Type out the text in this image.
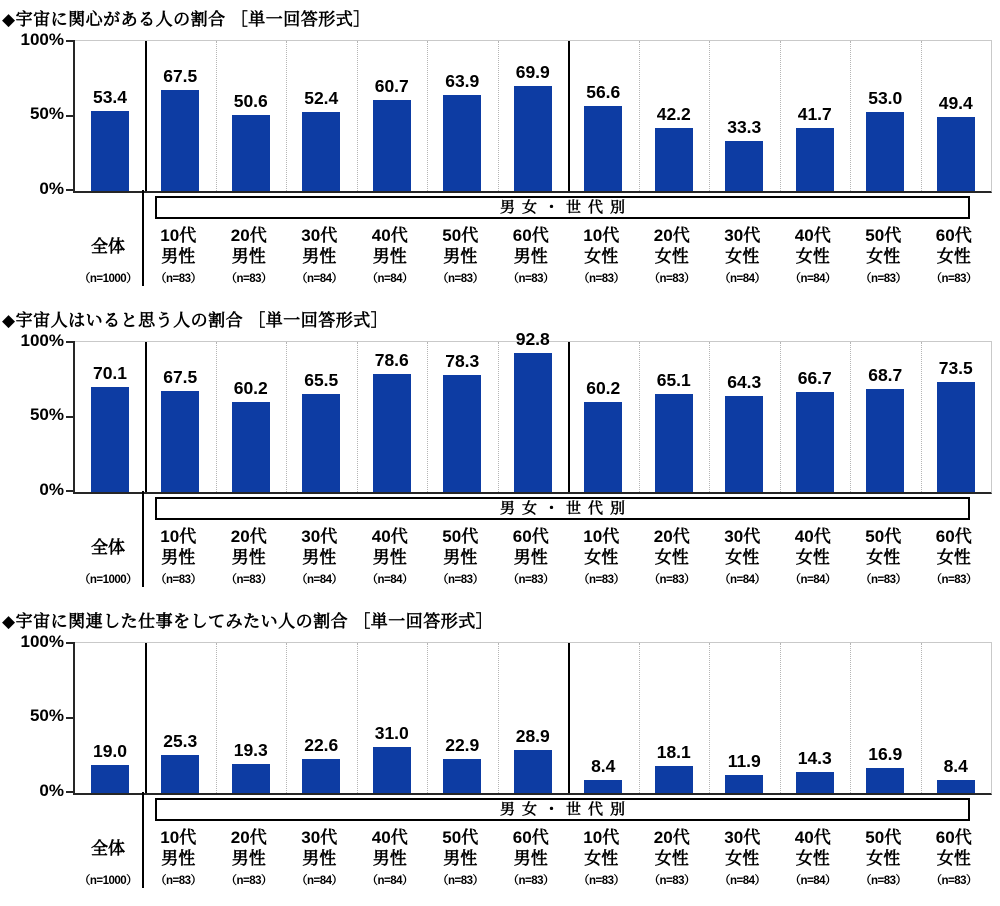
◆宇宙に関心がある人の割合 ［単一回答形式］
100%
50%
0%
53.4
67.5
50.6	52.4
60.7	63.9	69.9
56.6
42.2
33.3
41.7
53.0	49.4
男女・世代別
全体
（n=1000）
10代
男性
（n=83）
20代
男性
（n=83）
30代
男性
（n=84）
40代
男性
（n=84）
50代
男性
（n=83）
60代
男性
（n=83）
10代
女性
（n=83）
20代
女性
（n=83）
30代
女性
（n=84）
40代
女性
（n=84）
50代
女性
（n=83）
60代
女性
（n=83）
◆宇宙人はいると思う人の割合 ［単一回答形式］
100%
50%
0%
70.1	67.5
60.2	65.5
78.6	78.3
92.8
60.2	65.1	64.3	66.7	68.7	73.5
男女・世代別
全体
（n=1000）
10代
男性
（n=83）
20代
男性
（n=83）
30代
男性
（n=84）
40代
男性
（n=84）
50代
男性
（n=83）
60代
男性
（n=83）
10代
女性
（n=83）
20代
女性
（n=83）
30代
女性
（n=84）
40代
女性
（n=84）
50代
女性
（n=83）
60代
女性
（n=83）
◆宇宙に関連した仕事をしてみたい人の割合 ［単一回答形式］
100%
50%
0%
19.0	25.3	19.3	22.6
31.0
22.9	28.9
8.4
18.1	11.9	14.3	16.9
8.4
男女・世代別
全体
（n=1000）
10代
男性
（n=83）
20代
男性
（n=83）
30代
男性
（n=84）
40代
男性
（n=84）
50代
男性
（n=83）
60代
男性
（n=83）
10代
女性
（n=83）
20代
女性
（n=83）
30代
女性
（n=84）
40代
女性
（n=84）
50代
女性
（n=83）
60代
女性
（n=83）
